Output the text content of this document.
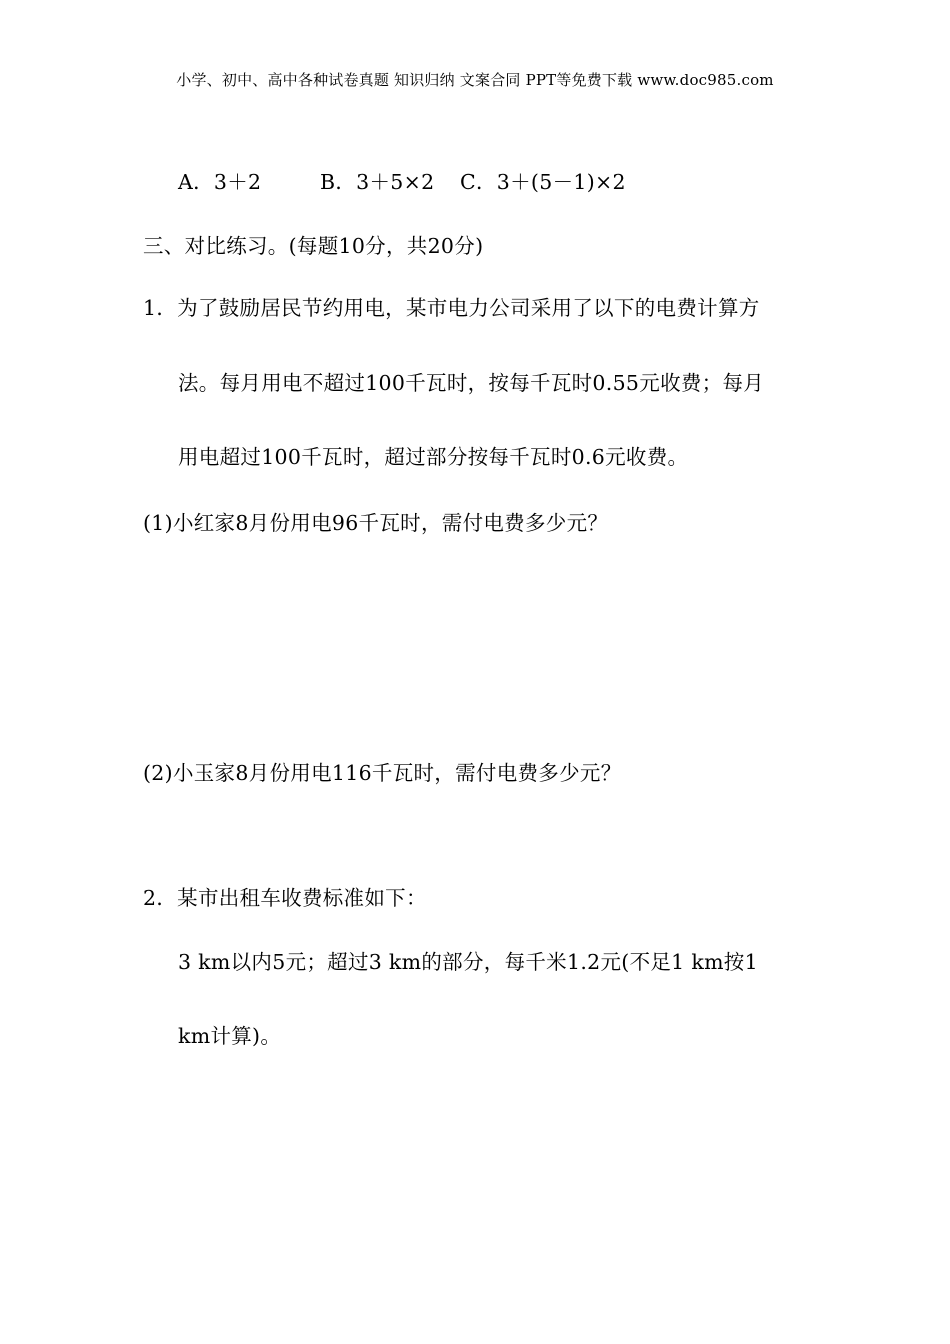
小学、初中、高中各种试卷真题 知识归纳 文案合同 PPT等免费下载 www.doc985.com
A．3＋2	B．3＋5×2 C．3＋(5－1)×2
三、对比练习。(每题10分，共20分)
1．为了鼓励居民节约用电，某市电力公司采用了以下的电费计算方
法。每月用电不超过100千瓦时，按每千瓦时0.55元收费；每月
用电超过100千瓦时，超过部分按每千瓦时0.6元收费。
(1)小红家8月份用电96千瓦时，需付电费多少元？
(2)小玉家8月份用电116千瓦时，需付电费多少元？
2．某市出租车收费标准如下：
3 km以内5元；超过3 km的部分，每千米1.2元(不足1 km按1
km计算)。
